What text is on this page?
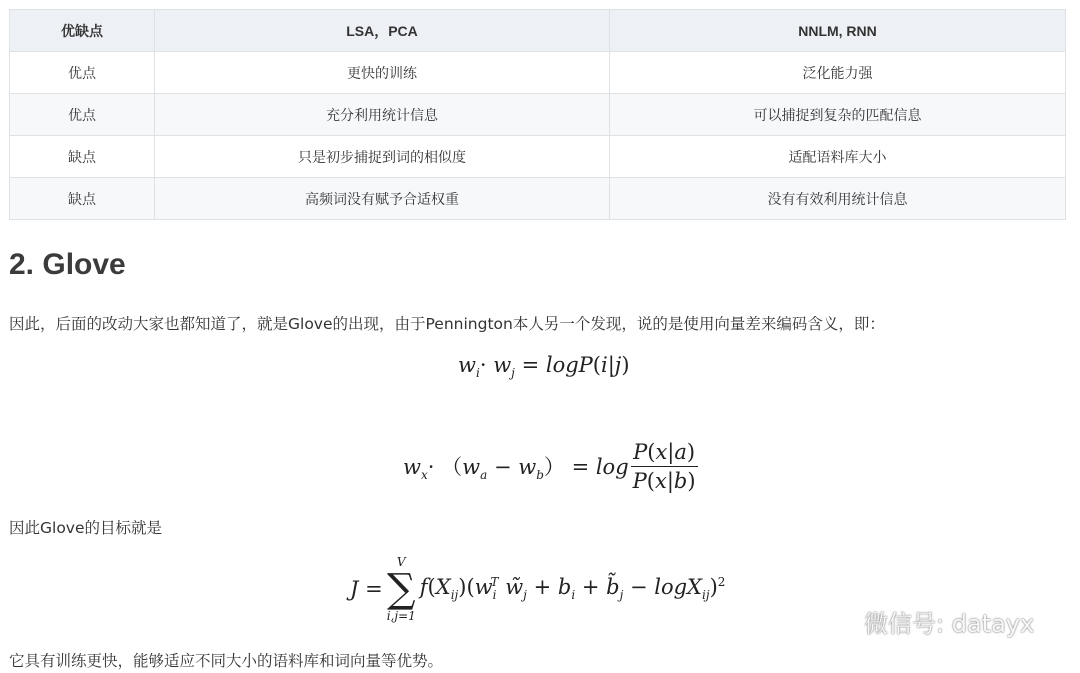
优缺点	LSA，PCA	NNLM, RNN
优点	更快的训练	泛化能力强
优点	充分利用统计信息	可以捕捉到复杂的匹配信息
缺点	只是初步捕捉到词的相似度	适配语料库大小
缺点	高频词没有赋予合适权重	没有有效利用统计信息
2. Glove

因此，后面的改动大家也都知道了，就是Glove的出现，由于Pennington本人另一个发现，说的是使用向量差来编码含义，即：

$w_i\cdot w_j = \log P(i|j)$
$w_x\cdot (w_a - w_b) = \log \frac{P(x|a)}{P(x|b)}$

因此Glove的目标就是

J =
V
∑
i,j=1
$f(X_{ij})(w_i^T$ $w̃_j + b_i$ + $b̃_j - \log X_{ij})^2$

它具有训练更快，能够适应不同大小的语料库和词向量等优势。

微信号: datayx
